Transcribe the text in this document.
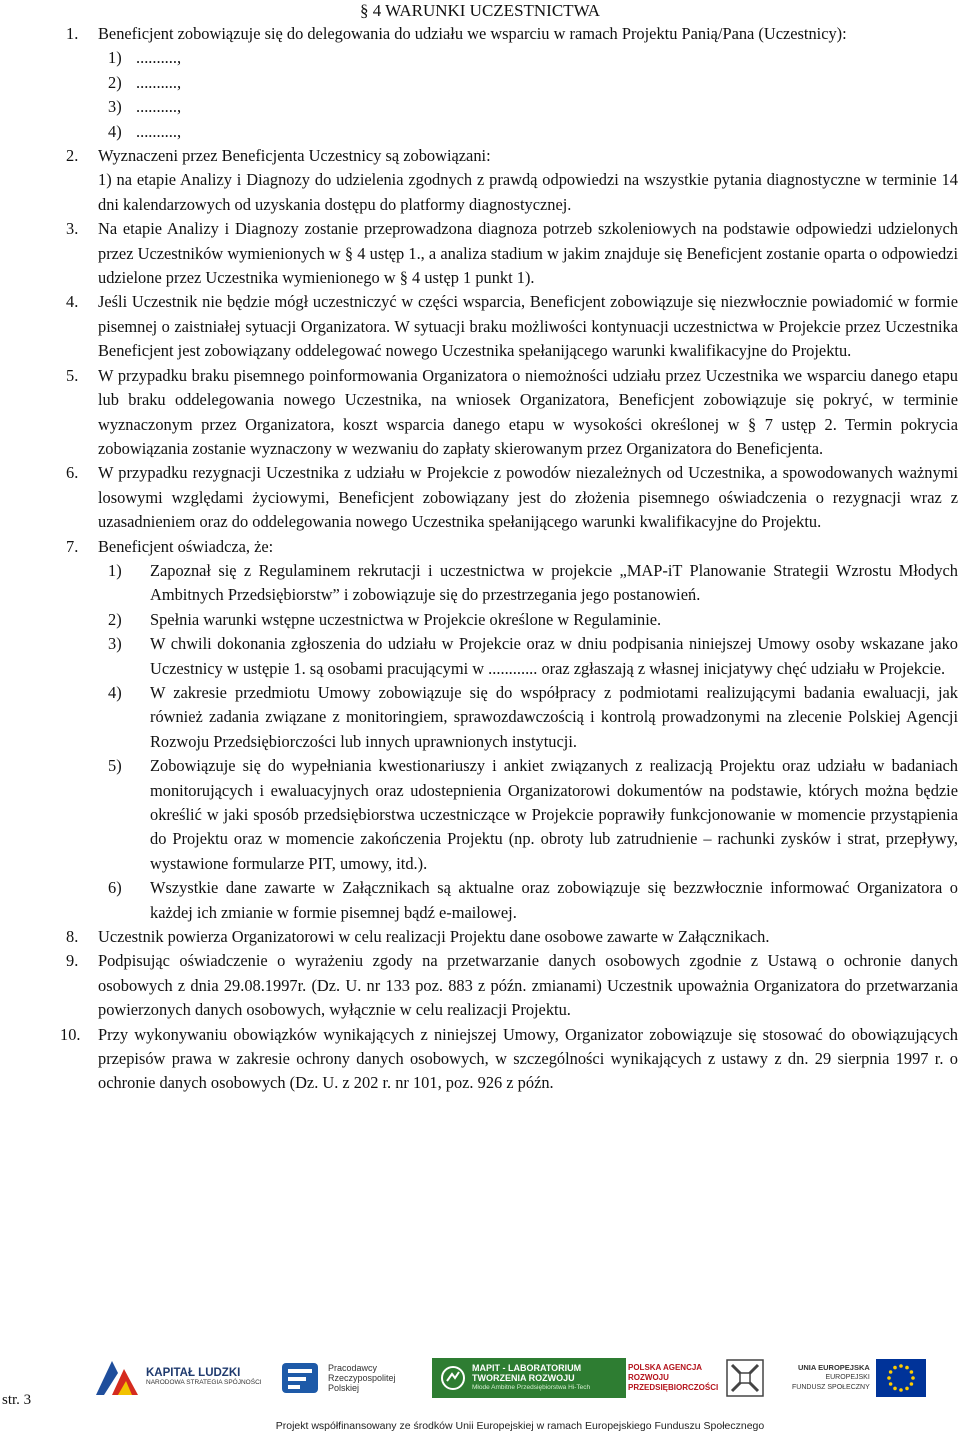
§ 4 WARUNKI UCZESTNICTWA
1. Beneficjent zobowiązuje się do delegowania do udziału we wsparciu w ramach Projektu Panią/Pana (Uczestnicy):
1) ..........,
2) ..........,
3) ..........,
4) ..........,
2. Wyznaczeni przez Beneficjenta Uczestnicy są zobowiązani:
1) na etapie Analizy i Diagnozy do udzielenia zgodnych z prawdą odpowiedzi na wszystkie pytania diagnostyczne w terminie 14 dni kalendarzowych od uzyskania dostępu do platformy diagnostycznej.
3. Na etapie Analizy i Diagnozy zostanie przeprowadzona diagnoza potrzeb szkoleniowych na podstawie odpowiedzi udzielonych przez Uczestników wymienionych w § 4 ustęp 1., a analiza stadium w jakim znajduje się Beneficjent zostanie oparta o odpowiedzi udzielone przez Uczestnika wymienionego w § 4 ustęp 1 punkt 1).
4. Jeśli Uczestnik nie będzie mógł uczestniczyć w części wsparcia, Beneficjent zobowiązuje się niezwłocznie powiadomić w formie pisemnej o zaistniałej sytuacji Organizatora. W sytuacji braku możliwości kontynuacji uczestnictwa w Projekcie przez Uczestnika Beneficjent jest zobowiązany oddelegować nowego Uczestnika spełanijącego warunki kwalifikacyjne do Projektu.
5. W przypadku braku pisemnego poinformowania Organizatora o niemożności udziału przez Uczestnika we wsparciu danego etapu lub braku oddelegowania nowego Uczestnika, na wniosek Organizatora, Beneficjent zobowiązuje się pokryć, w terminie wyznaczonym przez Organizatora, koszt wsparcia danego etapu w wysokości określonej w § 7 ustęp 2. Termin pokrycia zobowiązania zostanie wyznaczony w wezwaniu do zapłaty skierowanym przez Organizatora do Beneficjenta.
6. W przypadku rezygnacji Uczestnika z udziału w Projekcie z powodów niezależnych od Uczestnika, a spowodowanych ważnymi losowymi względami życiowymi, Beneficjent zobowiązany jest do złożenia pisemnego oświadczenia o rezygnacji wraz z uzasadnieniem oraz do oddelegowania nowego Uczestnika spełanijącego warunki kwalifikacyjne do Projektu.
7. Beneficjent oświadcza, że:
1) Zapoznał się z Regulaminem rekrutacji i uczestnictwa w projekcie „MAP-iT Planowanie Strategii Wzrostu Młodych Ambitnych Przedsiębiorstw” i zobowiązuje się do przestrzegania jego postanowień.
2) Spełnia warunki wstępne uczestnictwa w Projekcie określone w Regulaminie.
3) W chwili dokonania zgłoszenia do udziału w Projekcie oraz w dniu podpisania niniejszej Umowy osoby wskazane jako Uczestnicy w ustępie 1. są osobami pracującymi w ............ oraz zgłaszają z własnej inicjatywy chęć udziału w Projekcie.
4) W zakresie przedmiotu Umowy zobowiązuje się do współpracy z podmiotami realizującymi badania ewaluacji, jak również zadania związane z monitoringiem, sprawozdawczością i kontrolą prowadzonymi na zlecenie Polskiej Agencji Rozwoju Przedsiębiorczości lub innych uprawnionych instytucji.
5) Zobowiązuje się do wypełniania kwestionariuszy i ankiet związanych z realizacją Projektu oraz udziału w badaniach monitorujących i ewaluacyjnych oraz udostepnienia Organizatorowi dokumentów na podstawie, których można będzie określić w jaki sposób przedsiębiorstwa uczestniczące w Projekcie poprawiły funkcjonowanie w momencie przystąpienia do Projektu oraz w momencie zakończenia Projektu (np. obroty lub zatrudnienie – rachunki zysków i strat, przepływy, wystawione formularze PIT, umowy, itd.).
6) Wszystkie dane zawarte w Załącznikach są aktualne oraz zobowiązuje się bezzwłocznie informować Organizatora o każdej ich zmianie w formie pisemnej bądź e-mailowej.
8. Uczestnik powierza Organizatorowi w celu realizacji Projektu dane osobowe zawarte w Załącznikach.
9. Podpisując oświadczenie o wyrażeniu zgody na przetwarzanie danych osobowych zgodnie z Ustawą o ochronie danych osobowych z dnia 29.08.1997r. (Dz. U. nr 133 poz. 883 z późn. zmianami) Uczestnik upoważnia Organizatora do przetwarzania powierzonych danych osobowych, wyłącznie w celu realizacji Projektu.
10. Przy wykonywaniu obowiązków wynikających z niniejszej Umowy, Organizator zobowiązuje się stosować do obowiązujących przepisów prawa w zakresie ochrony danych osobowych, w szczególności wynikających z ustawy z dn. 29 sierpnia 1997 r. o ochronie danych osobowych (Dz. U. z 202 r. nr 101, poz. 926 z późn.
str. 3
KAPITAŁ LUDZKI
NARODOWA STRATEGIA SPÓJNOŚCI
Pracodawcy
Rzeczypospolitej
Polskiej
MAPIT - LABORATORIUM
TWORZENIA ROZWOJU
Młode Ambitne Przedsiębiorstwa Hi-Tech
POLSKA AGENCJA
ROZWOJU
PRZEDSIĘBIORCZOŚCI
UNIA EUROPEJSKA
EUROPEJSKI
FUNDUSZ SPOŁECZNY
Projekt współfinansowany ze środków Unii Europejskiej w ramach Europejskiego Funduszu Społecznego
